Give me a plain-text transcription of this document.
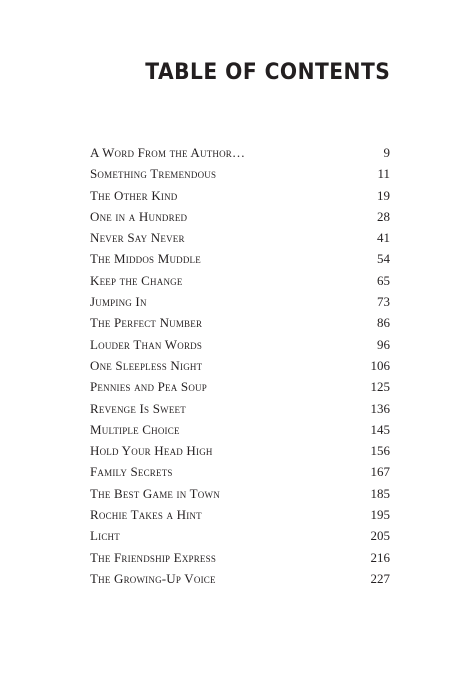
TABLE OF CONTENTS
A Word From the Author…	9
Something Tremendous	11
The Other Kind	19
One in a Hundred	28
Never Say Never	41
The Middos Muddle	54
Keep the Change	65
Jumping In	73
The Perfect Number	86
Louder Than Words	96
One Sleepless Night	106
Pennies and Pea Soup	125
Revenge Is Sweet	136
Multiple Choice	145
Hold Your Head High	156
Family Secrets	167
The Best Game in Town	185
Rochie Takes a Hint	195
Licht	205
The Friendship Express	216
The Growing-Up Voice	227
